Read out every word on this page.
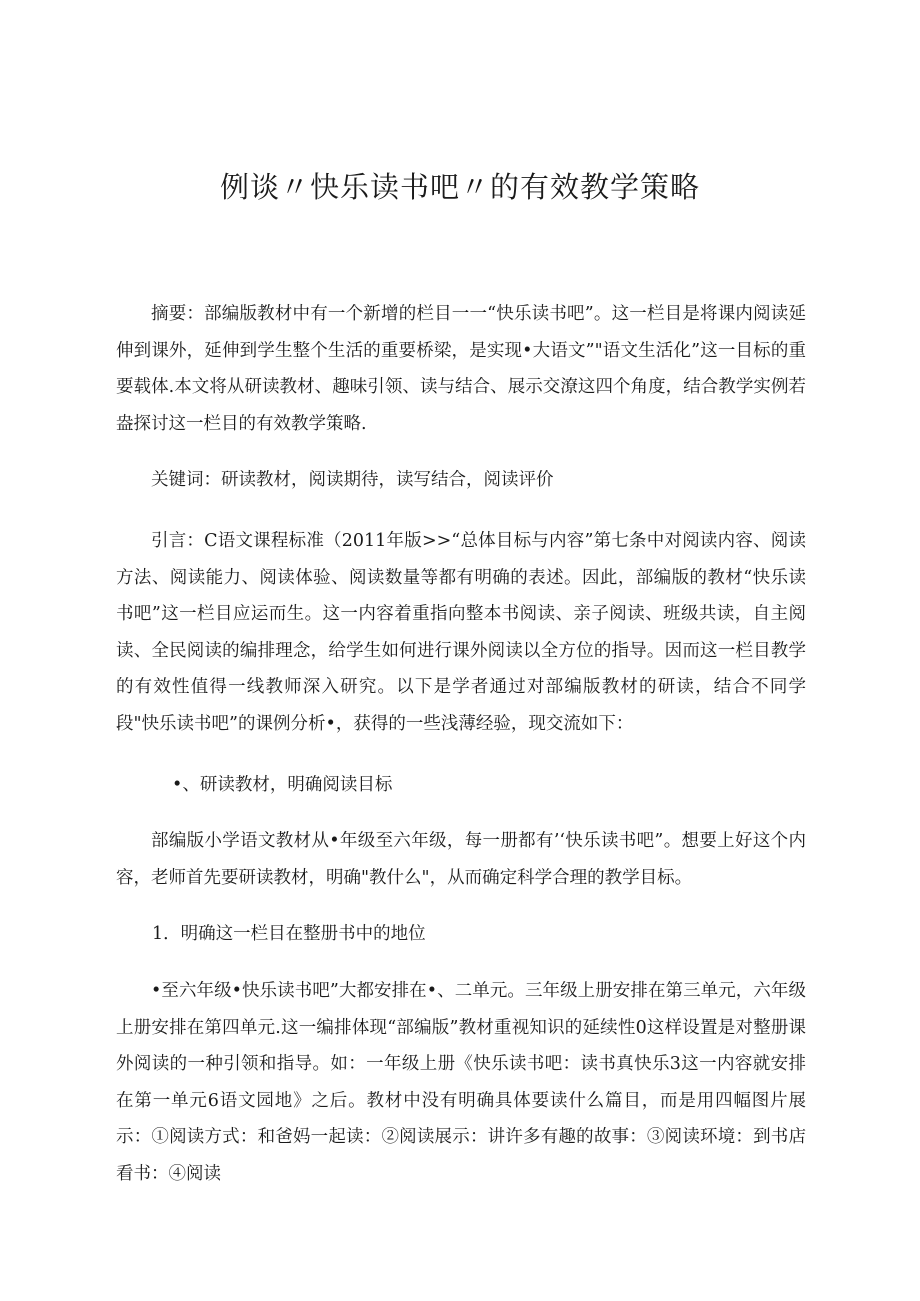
例谈〃快乐读书吧〃的有效教学策略
摘要：部编版教材中有一个新增的栏目一一“快乐读书吧”。这一栏目是将课内阅读延伸到课外，延伸到学生整个生活的重要桥梁，是实现•大语文”"语文生活化”这一目标的重要载体.本文将从研读教材、趣味引领、读与结合、展示交潦这四个角度，结合教学实例若盎探讨这一栏目的有效教学策略.
关键词：研读教材，阅读期待，读写结合，阅读评价
引言：C语文课程标准（2011年版>>“总体目标与内容”第七条中对阅读内容、阅读方法、阅读能力、阅读体验、阅读数量等都有明确的表述。因此，部编版的教材“快乐读书吧”这一栏目应运而生。这一内容着重指向整本书阅读、亲子阅读、班级共读，自主阅读、全民阅读的编排理念，给学生如何进行课外阅读以全方位的指导。因而这一栏目教学的有效性值得一线教师深入研究。以下是学者通过对部编版教材的研读，结合不同学段"快乐读书吧”的课例分析•，获得的一些浅薄经验，现交流如下：
•、研读教材，明确阅读目标
部编版小学语文教材从•年级至六年级，每一册都有’‘快乐读书吧”。想要上好这个内容，老师首先要研读教材，明确"教什么"，从而确定科学合理的教学目标。
1．明确这一栏目在整册书中的地位
•至六年级•快乐读书吧”大都安排在•、二单元。三年级上册安排在第三单元，六年级上册安排在第四单元.这一编排体现“部编版”教材重视知识的延续性0这样设置是对整册课外阅读的一种引领和指导。如：一年级上册《快乐读书吧：读书真快乐3这一内容就安排在第一单元6语文园地》之后。教材中没有明确具体要读什么篇目，而是用四幅图片展示：①阅读方式：和爸妈一起读：②阅读展示：讲许多有趣的故事：③阅读环境：到书店看书：④阅读
